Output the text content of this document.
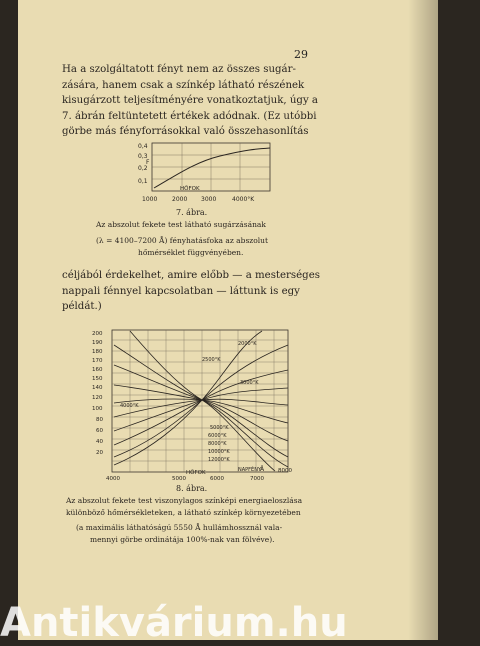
29
Ha a szolgáltatott fényt nem az összes sugár-
zására, hanem csak a színkép látható részének
kisugárzott teljesítményére vonatkoztatjuk, úgy a
7. ábrán feltüntetett értékek adódnak. (Ez utóbbi
görbe más fényforrásokkal való összehasonlítás
0,4
0,3
0,2
0,1
F
HŐFOK
1000 2000 3000	4000°K
7. ábra.
Az abszolut fekete test látható sugárzásának
(λ = 4100–7200 Å) fényhatásfoka az abszolut
hőmérséklet függvényében.
céljából érdekelhet, amire előbb — a mesterséges
nappali fénnyel kapcsolatban — láttunk is egy
példát.)
200
190
180
170
160
150
140
120
100
80
60
40
20
2000°K
2500°K
3000°K
4000°K
5000°K
6000°K
8000°K
10000°K
12000°K
NAPFÉNY
HŐFOK	Å
4000	5000	6000	7000
8000
8. ábra.
Az abszolut fekete test viszonylagos színképi energiaeloszlása
különböző hőmérsékleteken, a látható színkép környezetében
(a maximális láthatóságú 5550 Å hullámhossznál vala-
mennyi görbe ordinátája 100%-nak van fölvéve).
Antikvárium.hu
